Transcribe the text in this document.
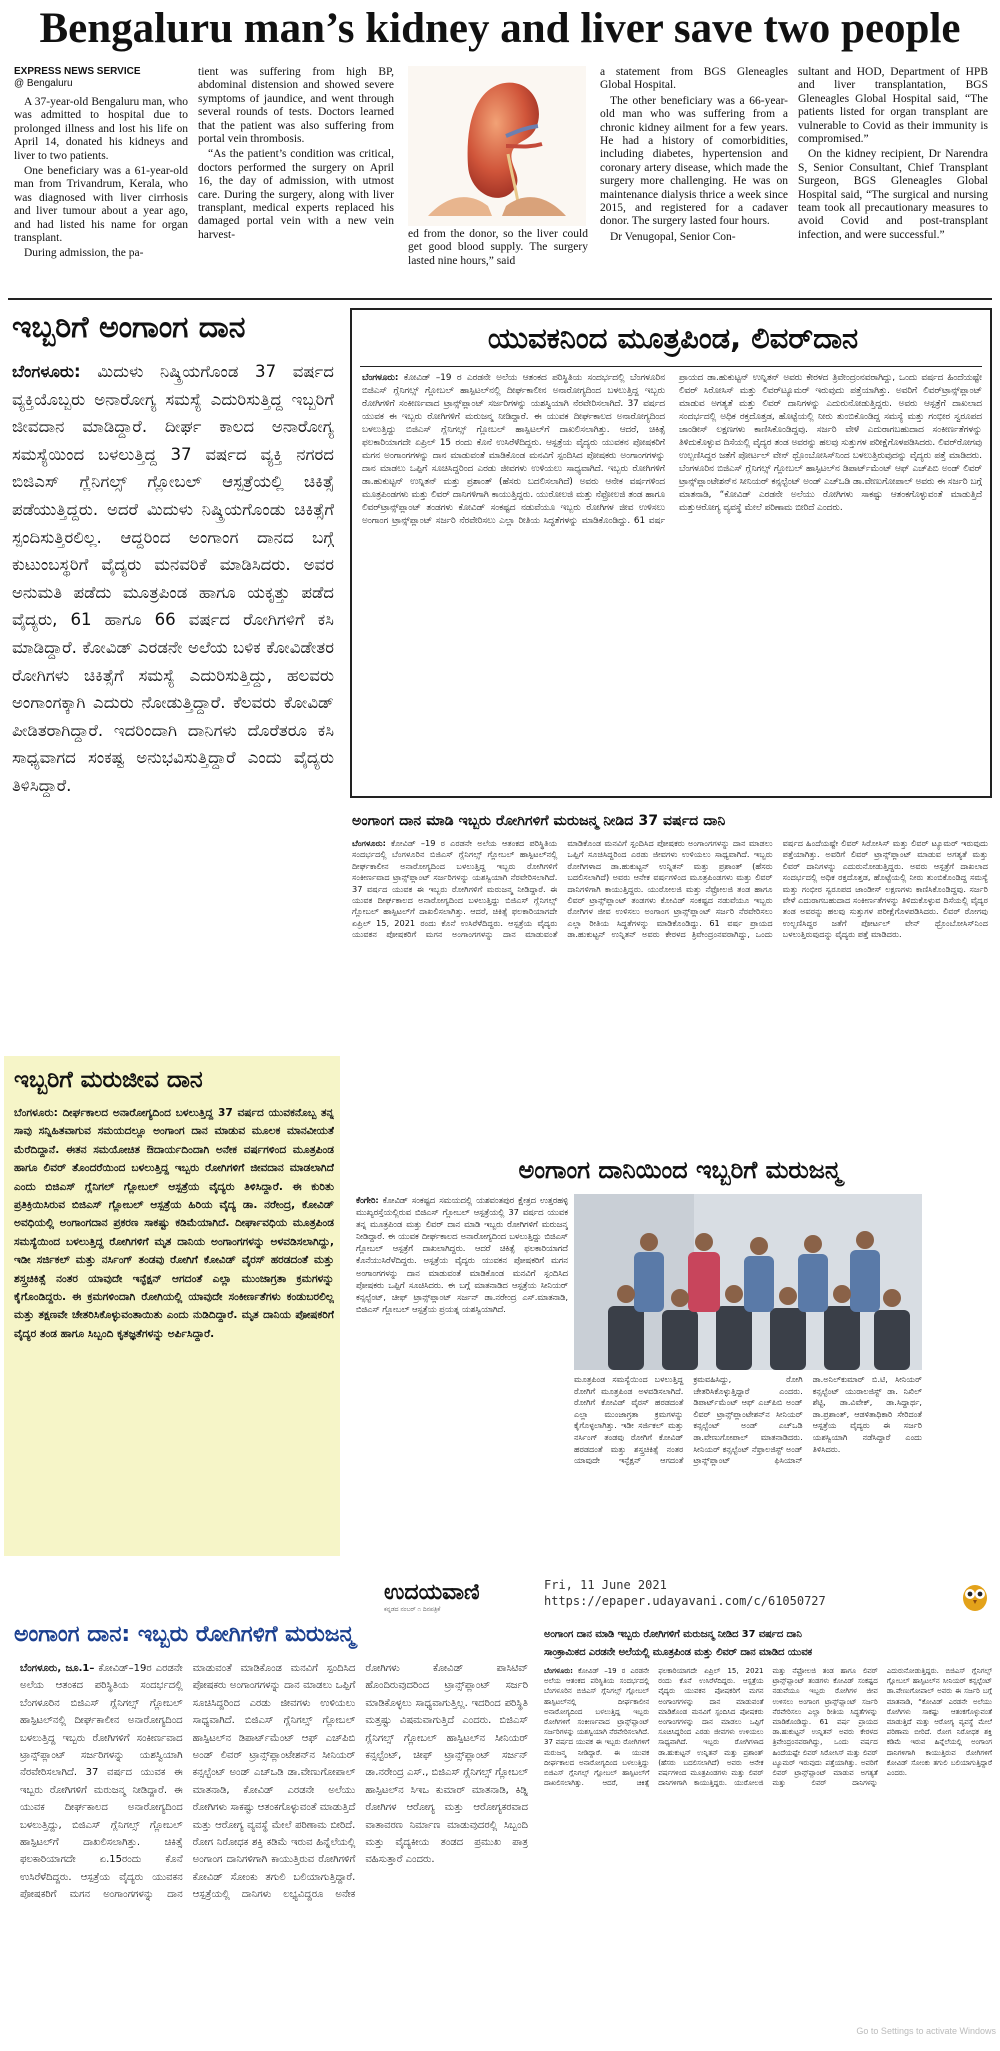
Bengaluru man’s kidney and liver save two people
EXPRESS NEWS SERVICE
@ Bengaluru

A 37-year-old Bengaluru man, who was admitted to hospital due to prolonged illness and lost his life on April 14, donated his kidneys and liver to two patients.

One beneficiary was a 61-year-old man from Trivandrum, Kerala, who was diagnosed with liver cirrhosis and liver tumour about a year ago, and had listed his name for organ transplant.

During admission, the pa-

tient was suffering from high BP, abdominal distension and showed severe symptoms of jaundice, and went through several rounds of tests. Doctors learned that the patient was also suffering from portal vein thrombosis.

“As the patient’s condition was critical, doctors performed the surgery on April 16, the day of admission, with utmost care. During the surgery, along with liver transplant, medical experts replaced his damaged portal vein with a new vein harvest-	ed from the donor, so the liver could get good blood supply. The surgery lasted nine hours,” said

a statement from BGS Gleneagles Global Hospital.

The other beneficiary was a 66-year-old man who was suffering from a chronic kidney ailment for a few years. He had a history of comorbidities, including diabetes, hypertension and coronary artery disease, which made the surgery more challenging. He was on maintenance dialysis thrice a week since 2015, and registered for a cadaver donor. The surgery lasted four hours.

Dr Venugopal, Senior Con-

sultant and HOD, Department of HPB and liver transplantation, BGS Gleneagles Global Hospital said, “The patients listed for organ transplant are vulnerable to Covid as their immunity is compromised.”

On the kidney recipient, Dr Narendra S, Senior Consultant, Chief Transplant Surgeon, BGS Gleneagles Global Hospital said, “The surgical and nursing team took all precautionary measures to avoid Covid and post-transplant infection, and were successful.”

ಇಬ್ಬರಿಗೆ ಅಂಗಾಂಗ ದಾನ
ಬೆಂಗಳೂರು: ಮಿದುಳು ನಿಷ್ಕ್ರಿಯಗೊಂಡ 37 ವರ್ಷದ ವ್ಯಕ್ತಿಯೊಬ್ಬರು ಅನಾರೋಗ್ಯ ಸಮಸ್ಯೆ ಎದುರಿಸುತ್ತಿದ್ದ ಇಬ್ಬರಿಗೆ ಜೀವದಾನ ಮಾಡಿದ್ದಾರೆ. ದೀರ್ಘ ಕಾಲದ ಅನಾರೋಗ್ಯ ಸಮಸ್ಯೆಯಿಂದ ಬಳಲುತ್ತಿದ್ದ 37 ವರ್ಷದ ವ್ಯಕ್ತಿ ನಗರದ ಬಿಜಿಎಸ್ ಗ್ಲೆನಿಗಲ್ಸ್ ಗ್ಲೋಬಲ್ ಆಸ್ಪತ್ರೆಯಲ್ಲಿ ಚಿಕಿತ್ಸೆ ಪಡೆಯುತ್ತಿದ್ದರು. ಅದರೆ ಮಿದುಳು ನಿಷ್ಕ್ರಿಯಗೊಂಡು ಚಿಕಿತ್ಸೆಗೆ ಸ್ಪಂದಿಸುತ್ತಿರಲಿಲ್ಲ. ಆದ್ದರಿಂದ ಅಂಗಾಂಗ ದಾನದ ಬಗ್ಗೆ ಕುಟುಂಬಸ್ಥರಿಗೆ ವೈದ್ಯರು ಮನವರಿಕೆ ಮಾಡಿಸಿದರು. ಅವರ ಅನುಮತಿ ಪಡೆದು ಮೂತ್ರಪಿಂಡ ಹಾಗೂ ಯಕೃತ್ತು ಪಡೆದ ವೈದ್ಯರು, 61 ಹಾಗೂ 66 ವರ್ಷದ ರೋಗಿಗಳಿಗೆ ಕಸಿ ಮಾಡಿದ್ದಾರೆ. ಕೋವಿಡ್ ಎರಡನೇ ಅಲೆಯ ಬಳಿಕ ಕೋವಿಡೇತರ ರೋಗಿಗಳು ಚಿಕಿತ್ಸೆಗೆ ಸಮಸ್ಯೆ ಎದುರಿಸುತ್ತಿದ್ದು, ಹಲವರು ಅಂಗಾಂಗಕ್ಕಾಗಿ ಎದುರು ನೋಡುತ್ತಿದ್ದಾರೆ. ಕೆಲವರು ಕೋವಿಡ್ ಪೀಡಿತರಾಗಿದ್ದಾರೆ. ಇದರಿಂದಾಗಿ ದಾನಿಗಳು ದೊರೆತರೂ ಕಸಿ ಸಾಧ್ಯವಾಗದ ಸಂಕಷ್ಟ ಅನುಭವಿಸುತ್ತಿದ್ದಾರೆ ಎಂದು ವೈದ್ಯರು ತಿಳಿಸಿದ್ದಾರೆ.
ಯುವಕನಿಂದ ಮೂತ್ರಪಿಂಡ, ಲಿವರ್‌ದಾನ
ಬೆಂಗಳೂರು: ಕೋವಿಡ್ –19 ರ ಎರಡನೇ ಅಲೆಯ ಆತಂಕದ ಪರಿಸ್ಥಿತಿಯ ಸಂದರ್ಭದಲ್ಲಿ ಬೆಂಗಳೂರಿನ ಬಿಜಿಎಸ್ ಗ್ಲೆನಿಗಲ್ಸ್ ಗ್ಲೋಬಲ್ ಹಾಸ್ಪಿಟಲ್‌ನಲ್ಲಿ ದೀರ್ಘಕಾಲೀನ ಅನಾರೋಗ್ಯದಿಂದ ಬಳಲುತ್ತಿದ್ದ ಇಬ್ಬರು ರೋಗಿಗಳಿಗೆ ಸಂಕೀರ್ಣವಾದ ಟ್ರಾನ್ಸ್‌ಪ್ಲಾಂಟ್ ಸರ್ಜರಿಗಳನ್ನು ಯಶಸ್ವಿಯಾಗಿ ನೆರವೇರಿಸಲಾಗಿದೆ. 37 ವರ್ಷದ ಯುವಕ ಈ ಇಬ್ಬರು ರೋಗಿಗಳಿಗೆ ಮರುಜನ್ಮ ನೀಡಿದ್ದಾರೆ. ಈ ಯುವಕ ದೀರ್ಘಕಾಲದ ಅನಾರೋಗ್ಯದಿಂದ ಬಳಲುತ್ತಿದ್ದು ಬಿಜಿಎಸ್ ಗ್ಲೆನಿಗಲ್ಸ್ ಗ್ಲೋಬಲ್ ಹಾಸ್ಪಿಟಲ್‌ಗೆ ದಾಖಲಿಸಲಾಗಿತ್ತು. ಆದರೆ, ಚಿಕಿತ್ಸೆ ಫಲಕಾರಿಯಾಗದೇ ಏಪ್ರಿಲ್ 15 ರಂದು ಕೊನೆ ಉಸಿರೆಳೆದಿದ್ದರು. ಆಸ್ಪತ್ರೆಯ ವೈದ್ಯರು ಯುವಕನ ಪೋಷಕರಿಗೆ ಮಗನ ಅಂಗಾಂಗಗಳನ್ನು ದಾನ ಮಾಡುವಂತೆ ಮಾಡಿಕೊಂಡ ಮನವಿಗೆ ಸ್ಪಂದಿಸಿದ ಪೋಷಕರು ಅಂಗಾಂಗಗಳನ್ನು ದಾನ ಮಾಡಲು ಒಪ್ಪಿಗೆ ಸೂಚಿಸಿದ್ದರಿಂದ ಎರಡು ಜೀವಗಳು ಉಳಿಯಲು ಸಾಧ್ಯವಾಗಿದೆ. ಇಬ್ಬರು ರೋಗಿಗಳಿಗೆ ಡಾ.ಹುಕುಟ್ಟನ್ ಉನ್ನಿತನ್ ಮತ್ತು ಪ್ರಶಾಂತ್ (ಹೆಸರು ಬದಲಿಸಲಾಗಿದೆ) ಅವರು ಆನೇಕ ವರ್ಷಗಳಿಂದ ಮೂತ್ರಪಿಂಡಗಳು ಮತ್ತು ಲಿವರ್ ದಾನಿಗಳಿಗಾಗಿ ಕಾಯುತ್ತಿದ್ದರು. ಯುರೋಲಜಿ ಮತ್ತು ನೆಫ್ರೋಲಜಿ ತಂಡ ಹಾಗೂ ಲಿವರ್‌ಟ್ರಾನ್ಸ್‌ಪ್ಲಾಂಟ್ ತಂಡಗಳು ಕೋವಿಡ್ ಸಂಕಷ್ಟದ ನಡುವೆಯೂ ಇಬ್ಬರು ರೋಗಿಗಳ ಜೀವ ಉಳಿಸಲು ಅಂಗಾಂಗ ಟ್ರಾನ್ಸ್‌ಪ್ಲಾಂಟ್ ಸರ್ಜರಿ ನೆರವೇರಿಸಲು ಎಲ್ಲಾ ರೀತಿಯ ಸಿದ್ಧತೆಗಳನ್ನು ಮಾಡಿಕೊಂಡಿದ್ದು. 61 ವರ್ಷ ಪ್ರಾಯದ ಡಾ.ಹುಕುಟ್ಟನ್ ಉನ್ನಿತನ್ ಅವರು ಕೇರಳದ ತ್ರಿವೇಂದ್ರಂನವರಾಗಿದ್ದು, ಒಂದು ವರ್ಷದ ಹಿಂದೆಯಷ್ಟೇ ಲಿವರ್ ಸಿರೋಸಿಸ್ ಮತ್ತು ಲಿವರ್‌ಟ್ಯೂಮರ್ ಇರುವುದು ಪತ್ತೆಯಾಗಿತ್ತು. ಅವರಿಗೆ ಲಿವರ್‌ಟ್ರಾನ್ಸ್‌ಪ್ಲಾಂಟ್ ಮಾಡುವ ಅಗತ್ಯತೆ ಮತ್ತು ಲಿವರ್ ದಾನಿಗಳನ್ನು ಎದುರುನೋಡುತ್ತಿದ್ದರು. ಅವರು ಆಸ್ಪತ್ರೆಗೆ ದಾಖಲಾದ ಸಂದರ್ಭದಲ್ಲಿ ಅಧಿಕ ರಕ್ತದೊತ್ತಡ, ಹೊಟ್ಟೆಯಲ್ಲಿ ನೀರು ತುಂಬಿಕೊಂಡಿದ್ದ ಸಮಸ್ಯೆ ಮತ್ತು ಗಂಭೀರ ಸ್ವರೂಪದ ಜಾಂಡೀಸ್ ಲಕ್ಷಣಗಳು ಕಾಣಿಸಿಕೊಂಡಿದ್ದವು. ಸರ್ಜರಿ ವೇಳೆ ಎದುರಾಗಬಹುದಾದ ಸಂಕೀರ್ಣತೆಗಳನ್ನು ತಿಳಿದುಕೊಳ್ಳುವ ದಿಸೆಯಲ್ಲಿ ವೈದ್ಯರ ತಂಡ ಅವರನ್ನು ಹಲವು ಸುತ್ತುಗಳ ಪರೀಕ್ಷೆಗೊಳಪಡಿಸಿದರು. ಲಿವರ್‌ರೋಗವು ಉಲ್ಬಣಿಸಿದ್ದರ ಜತೆಗೆ ಪೋರ್ಟಲ್ ವೇನ್ ಥ್ರೊಂಬೋಸಿಸ್‌ನಿಂದ ಬಳಲುತ್ತಿರುವುದನ್ನು ವೈದ್ಯರು ಪತ್ತೆ ಮಾಡಿದರು. ಬೆಂಗಳೂರಿನ ಬಿಜಿಎಸ್ ಗ್ಲೆನಿಗಲ್ಸ್ ಗ್ಲೋಬಲ್ ಹಾಸ್ಪಿಟಲ್‌ನ ಡಿಪಾರ್ಟ್‌ಮೆಂಟ್ ಆಫ್ ಎಚ್‌ಪಿಬಿ ಅಂಡ್ ಲಿವರ್ ಟ್ರಾನ್ಸ್‌ಪ್ಲಾಂಟೇಶನ್‌ನ ಸೀನಿಯರ್ ಕನ್ಸಲ್ಟೆಂಟ್ ಅಂಡ್ ಎಚ್‌ಒಡಿ ಡಾ.ವೇಣುಗೋಪಾಲ್ ಅವರು ಈ ಸರ್ಜರಿ ಬಗ್ಗೆ ಮಾತನಾಡಿ, “ಕೋವಿಡ್ ಎರಡನೇ ಅಲೆಯು ರೋಗಿಗಳು ಸಾಕಷ್ಟು ಆತಂಕಗೊಳ್ಳುವಂತೆ ಮಾಡುತ್ತಿದೆ ಮತ್ತುಆರೋಗ್ಯ ವ್ಯವಸ್ಥೆ ಮೇಲೆ ಪರಿಣಾಮ ಬೀರಿದೆ ಎಂದರು.
ಅಂಗಾಂಗ ದಾನ ಮಾಡಿ ಇಬ್ಬರು ರೋಗಿಗಳಿಗೆ ಮರುಜನ್ಮ ನೀಡಿದ 37 ವರ್ಷದ ದಾನಿ
ಬೆಂಗಳೂರು: ಕೋವಿಡ್ –19 ರ ಎರಡನೇ ಅಲೆಯ ಆತಂಕದ ಪರಿಸ್ಥಿತಿಯ ಸಂದರ್ಭದಲ್ಲಿ ಬೆಂಗಳೂರಿನ ಬಿಜಿಎಸ್ ಗ್ಲೆನಿಗಲ್ಸ್ ಗ್ಲೋಬಲ್ ಹಾಸ್ಪಿಟಲ್‌ನಲ್ಲಿ ದೀರ್ಘಕಾಲೀನ ಅನಾರೋಗ್ಯದಿಂದ ಬಳಲುತ್ತಿದ್ದ ಇಬ್ಬರು ರೋಗಿಗಳಿಗೆ ಸಂಕೀರ್ಣವಾದ ಟ್ರಾನ್ಸ್‌ಪ್ಲಾಂಟ್ ಸರ್ಜರಿಗಳನ್ನು ಯಶಸ್ವಿಯಾಗಿ ನೆರವೇರಿಸಲಾಗಿದೆ. 37 ವರ್ಷದ ಯುವಕ ಈ ಇಬ್ಬರು ರೋಗಿಗಳಿಗೆ ಮರುಜನ್ಮ ನೀಡಿದ್ದಾರೆ. ಈ ಯುವಕ ದೀರ್ಘಕಾಲದ ಅನಾರೋಗ್ಯದಿಂದ ಬಳಲುತ್ತಿದ್ದು ಬಿಜಿಎಸ್ ಗ್ಲೆನಿಗಲ್ಸ್ ಗ್ಲೋಬಲ್ ಹಾಸ್ಪಿಟಲ್‌ಗೆ ದಾಖಲಿಸಲಾಗಿತ್ತು. ಆದರೆ, ಚಿಕಿತ್ಸೆ ಫಲಕಾರಿಯಾಗದೇ ಏಪ್ರಿಲ್ 15, 2021 ರಂದು ಕೊನೆ ಉಸಿರೆಳೆದಿದ್ದರು. ಆಸ್ಪತ್ರೆಯ ವೈದ್ಯರು ಯುವಕನ ಪೋಷಕರಿಗೆ ಮಗನ ಅಂಗಾಂಗಗಳನ್ನು ದಾನ ಮಾಡುವಂತೆ ಮಾಡಿಕೊಂಡ ಮನವಿಗೆ ಸ್ಪಂದಿಸಿದ ಪೋಷಕರು ಅಂಗಾಂಗಗಳನ್ನು ದಾನ ಮಾಡಲು ಒಪ್ಪಿಗೆ ಸೂಚಿಸಿದ್ದರಿಂದ ಎರಡು ಜೀವಗಳು ಉಳಿಯಲು ಸಾಧ್ಯವಾಗಿದೆ. ಇಬ್ಬರು ರೋಗಿಗಳಾದ ಡಾ.ಹುಕುಟ್ಟನ್ ಉನ್ನಿತನ್ ಮತ್ತು ಪ್ರಶಾಂತ್ (ಹೆಸರು ಬದಲಿಸಲಾಗಿದೆ) ಅವರು ಆನೇಕ ವರ್ಷಗಳಿಂದ ಮೂತ್ರಪಿಂಡಗಳು ಮತ್ತು ಲಿವರ್ ದಾನಿಗಳಿಗಾಗಿ ಕಾಯುತ್ತಿದ್ದರು. ಯುರೋಲಜಿ ಮತ್ತು ನೆಫ್ರೋಲಜಿ ತಂಡ ಹಾಗೂ ಲಿವರ್ ಟ್ರಾನ್ಸ್‌ಪ್ಲಾಂಟ್ ತಂಡಗಳು ಕೋವಿಡ್ ಸಂಕಷ್ಟದ ನಡುವೆಯೂ ಇಬ್ಬರು ರೋಗಿಗಳ ಜೀವ ಉಳಿಸಲು ಅಂಗಾಂಗ ಟ್ರಾನ್ಸ್‌ಪ್ಲಾಂಟ್ ಸರ್ಜರಿ ನೆರವೇರಿಸಲು ಎಲ್ಲಾ ರೀತಿಯ ಸಿದ್ಧತೆಗಳನ್ನು ಮಾಡಿಕೊಂಡಿದ್ದು. 61 ವರ್ಷ ಪ್ರಾಯದ ಡಾ.ಹುಕುಟ್ಟನ್ ಉನ್ನಿತನ್ ಅವರು ಕೇರಳದ ತ್ರಿವೇಂದ್ರಂನವರಾಗಿದ್ದು, ಒಂದು ವರ್ಷದ ಹಿಂದೆಯಷ್ಟೇ ಲಿವರ್ ಸಿರೋಸಿಸ್ ಮತ್ತು ಲಿವರ್ ಟ್ಯೂಮರ್ ಇರುವುದು ಪತ್ತೆಯಾಗಿತ್ತು. ಅವರಿಗೆ ಲಿವರ್ ಟ್ರಾನ್ಸ್‌ಪ್ಲಾಂಟ್ ಮಾಡುವ ಅಗತ್ಯತೆ ಮತ್ತು ಲಿವರ್ ದಾನಿಗಳನ್ನು ಎದುರುನೋಡುತ್ತಿದ್ದರು. ಅವರು ಆಸ್ಪತ್ರೆಗೆ ದಾಖಲಾದ ಸಂದರ್ಭದಲ್ಲಿ ಅಧಿಕ ರಕ್ತದೊತ್ತಡ, ಹೊಟ್ಟೆಯಲ್ಲಿ ನೀರು ತುಂಬಿಕೊಂಡಿದ್ದ ಸಮಸ್ಯೆ ಮತ್ತು ಗಂಭೀರ ಸ್ವರೂಪದ ಜಾಂಡೀಸ್ ಲಕ್ಷಣಗಳು ಕಾಣಿಸಿಕೊಂಡಿದ್ದವು. ಸರ್ಜರಿ ವೇಳೆ ಎದುರಾಗಬಹುದಾದ ಸಂಕೀರ್ಣತೆಗಳನ್ನು ತಿಳಿದುಕೊಳ್ಳುವ ದಿಸೆಯಲ್ಲಿ ವೈದ್ಯರ ತಂಡ ಅವರನ್ನು ಹಲವು ಸುತ್ತುಗಳ ಪರೀಕ್ಷೆಗೊಳಪಡಿಸಿದರು. ಲಿವರ್ ರೋಗವು ಉಲ್ಬಣಿಸಿದ್ದರ ಜತೆಗೆ ಪೋರ್ಟಲ್ ವೇನ್ ಥ್ರೊಂಬೋಸಿಸ್‌ನಿಂದ ಬಳಲುತ್ತಿರುವುದನ್ನು ವೈದ್ಯರು ಪತ್ತೆ ಮಾಡಿದರು.
ಇಬ್ಬರಿಗೆ ಮರುಜೀವ ದಾನ
ಬೆಂಗಳೂರು: ದೀರ್ಘಕಾಲದ ಅನಾರೋಗ್ಯದಿಂದ ಬಳಲುತ್ತಿದ್ದ 37 ವರ್ಷದ ಯುವಕನೊಬ್ಬ ತನ್ನ ಸಾವು ಸನ್ನಿಹಿತವಾಗುವ ಸಮಯದಲ್ಲೂ ಅಂಗಾಂಗ ದಾನ ಮಾಡುವ ಮೂಲಕ ಮಾನವೀಯತೆ ಮೆರೆದಿದ್ದಾನೆ. ಈತನ ಸಮಯೋಚಿತ ಔದಾರ್ಯದಿಂದಾಗಿ ಅನೇಕ ವರ್ಷಗಳಿಂದ ಮೂತ್ರಪಿಂಡ ಹಾಗೂ ಲಿವರ್ ತೊಂದರೆಯಿಂದ ಬಳಲುತ್ತಿದ್ದ ಇಬ್ಬರು ರೋಗಿಗಳಿಗೆ ಜೀವದಾನ ಮಾಡಲಾಗಿದೆ ಎಂದು ಬಿಜಿಎಸ್ ಗ್ಲೆನಿಗಲ್ ಗ್ಲೋಬಲ್ ಆಸ್ಪತ್ರೆಯ ವೈದ್ಯರು ತಿಳಿಸಿದ್ದಾರೆ. ಈ ಕುರಿತು ಪ್ರತಿಕ್ರಿಯಿಸಿರುವ ಬಿಜಿಎಸ್ ಗ್ಲೋಬಲ್ ಆಸ್ಪತ್ರೆಯ ಹಿರಿಯ ವೈದ್ಯ ಡಾ. ನರೇಂದ್ರ, ಕೋವಿಡ್ ಅವಧಿಯಲ್ಲಿ ಅಂಗಾಂಗದಾನ ಪ್ರಕರಣ ಸಾಕಷ್ಟು ಕಡಿಮೆಯಾಗಿದೆ. ದೀರ್ಘಾವಧಿಯ ಮೂತ್ರಪಿಂಡ ಸಮಸ್ಯೆಯಿಂದ ಬಳಲುತ್ತಿದ್ದ ರೋಗಿಗಳಿಗೆ ಮೃತ ದಾನಿಯ ಅಂಗಾಂಗಗಳನ್ನು ಅಳವಡಿಸಲಾಗಿದ್ದು, ಇಡೀ ಸರ್ಜಿಕಲ್ ಮತ್ತು ನರ್ಸಿಂಗ್ ತಂಡವು ರೋಗಿಗೆ ಕೋವಿಡ್ ವೈರಸ್ ಹರಡದಂತೆ ಮತ್ತು ಶಸ್ತ್ರಚಿಕಿತ್ಸೆ ನಂತರ ಯಾವುದೇ ಇನ್ಫೆಕ್ಷನ್ ಆಗದಂತೆ ಎಲ್ಲಾ ಮುಂಜಾಗ್ರತಾ ಕ್ರಮಗಳನ್ನು ಕೈಗೊಂಡಿದ್ದರು. ಈ ಕ್ರಮಗಳಿಂದಾಗಿ ರೋಗಿಯಲ್ಲಿ ಯಾವುದೇ ಸಂಕೀರ್ಣತೆಗಳು ಕಂಡುಬರಲಿಲ್ಲ ಮತ್ತು ತಕ್ಷಣವೇ ಚೇತರಿಸಿಕೊಳ್ಳುವಂತಾಯಿತು ಎಂದು ನುಡಿದಿದ್ದಾರೆ. ಮೃತ ದಾನಿಯ ಪೋಷಕರಿಗೆ ವೈದ್ಯರ ತಂಡ ಹಾಗೂ ಸಿಬ್ಬಂದಿ ಕೃತಜ್ಞತೆಗಳನ್ನು ಅರ್ಪಿಸಿದ್ದಾರೆ.
ಅಂಗಾಂಗ ದಾನಿಯಿಂದ ಇಬ್ಬರಿಗೆ ಮರುಜನ್ಮ
ಕೆಂಗೇರಿ: ಕೋವಿಡ್ ಸಂಕಷ್ಟದ ಸಮಯದಲ್ಲಿ ಯಶವಂತಪುರ ಕ್ಷೇತ್ರದ ಉತ್ತರಹಳ್ಳಿ ಮುಖ್ಯರಸ್ತೆಯಲ್ಲಿರುವ ಬಿಜಿಎಸ್ ಗ್ಲೋಬಲ್ ಆಸ್ಪತ್ರೆಯಲ್ಲಿ 37 ವರ್ಷದ ಯುವಕ ತನ್ನ ಮೂತ್ರಪಿಂಡ ಮತ್ತು ಲಿವರ್ ದಾನ ಮಾಡಿ ಇಬ್ಬರು ರೋಗಿಗಳಿಗೆ ಮರುಜನ್ಮ ನೀಡಿದ್ದಾರೆ. ಈ ಯುವಕ ದೀರ್ಘಕಾಲದ ಅನಾರೋಗ್ಯದಿಂದ ಬಳಲುತ್ತಿದ್ದು ಬಿಜಿಎಸ್ ಗ್ಲೋಬಲ್ ಆಸ್ಪತ್ರೆಗೆ ದಾಖಲಾಗಿದ್ದರು. ಆದರೆ ಚಿಕಿತ್ಸೆ ಫಲಕಾರಿಯಾಗದೆ ಕೊನೆಯುಸಿರೆಳೆದಿದ್ದರು. ಆಸ್ಪತ್ರೆಯ ವೈದ್ಯರು ಯುವಕನ ಪೋಷಕರಿಗೆ ಮಗನ ಅಂಗಾಂಗಗಳನ್ನು ದಾನ ಮಾಡುವಂತೆ ಮಾಡಿಕೊಂಡ ಮನವಿಗೆ ಸ್ಪಂದಿಸಿದ ಪೋಷಕರು ಒಪ್ಪಿಗೆ ಸೂಚಿಸಿದರು. ಈ ಬಗ್ಗೆ ಮಾತನಾಡಿದ ಆಸ್ಪತ್ರೆಯ ಸೀನಿಯರ್ ಕನ್ಸಲ್ಟೆಂಟ್, ಚೀಫ್ ಟ್ರಾನ್ಸ್‌ಪ್ಲಾಂಟ್ ಸರ್ಜನ್ ಡಾ.ನರೇಂದ್ರ ಎಸ್.ಮಾತನಾಡಿ, ಬಿಜಿಎಸ್ ಗ್ಲೋಬಲ್ ಆಸ್ಪತ್ರೆಯ ಪ್ರಯತ್ನ ಯಶಸ್ವಿಯಾಗಿದೆ.
ಮೂತ್ರಪಿಂಡ ಸಮಸ್ಯೆಯಿಂದ ಬಳಲುತ್ತಿದ್ದ ರೋಗಿಗೆ ಮೂತ್ರಪಿಂಡ ಅಳವಡಿಸಲಾಗಿದೆ. ರೋಗಿಗೆ ಕೋವಿಡ್ ವೈರಸ್ ಹರಡದಂತೆ ಎಲ್ಲಾ ಮುಂಜಾಗ್ರತಾ ಕ್ರಮಗಳನ್ನು ಕೈಗೊಳ್ಳಲಾಗಿತ್ತು. ಇಡೀ ಸರ್ಜಿಕಲ್ ಮತ್ತು ನರ್ಸಿಂಗ್ ತಂಡವು ರೋಗಿಗೆ ಕೋವಿಡ್ ಹರಡದಂತೆ ಮತ್ತು ಶಸ್ತ್ರಚಿಕಿತ್ಸೆ ನಂತರ ಯಾವುದೇ ಇನ್ಫೆಕ್ಷನ್ ಆಗದಂತೆ ಕ್ರಮವಹಿಸಿದ್ದು, ರೋಗಿ ಚೇತರಿಸಿಕೊಳ್ಳುತ್ತಿದ್ದಾರೆ ಎಂದರು. ಡಿಪಾರ್ಟ್‌ಮೆಂಟ್ ಆಫ್ ಎಚ್‌ಪಿಬಿ ಅಂಡ್ ಲಿವರ್ ಟ್ರಾನ್ಸ್‌ಪ್ಲಾಂಟೇಶನ್‌ನ ಸೀನಿಯರ್ ಕನ್ಸಲ್ಟೆಂಟ್ ಅಂಡ್ ಎಚ್‌ಒಡಿ ಡಾ.ವೇಣುಗೋಪಾಲ್ ಮಾತನಾಡಿದರು. ಸೀನಿಯರ್ ಕನ್ಸಲ್ಟೆಂಟ್ ನೆಫ್ರಾಲಜಿಸ್ಟ್ ಅಂಡ್ ಟ್ರಾನ್ಸ್‌ಪ್ಲಾಂಟ್ ಫಿಸಿಯಾನ್ ಡಾ.ಅನಿಲ್‌ಕುಮಾರ್ ಬಿ.ಟಿ, ಸೀನಿಯರ್ ಕನ್ಸಲ್ಟೆಂಟ್ ಯುರಾಲಜಿಸ್ಟ್ ಡಾ. ನಿಖಿಲ್ ಶೆಟ್ಟಿ, ಡಾ.ವಿವೇಕ್, ಡಾ.ಸಿದ್ದಾರ್ಥ, ಡಾ.ಪ್ರಶಾಂತ್, ಆಡಳಿತಾಧಿಕಾರಿ ಸೇರಿದಂತೆ ಆಸ್ಪತ್ರೆಯ ವೈದ್ಯರು ಈ ಸರ್ಜರಿ ಯಶಸ್ವಿಯಾಗಿ ನಡೆಸಿದ್ದಾರೆ ಎಂದು ತಿಳಿಸಿದರು.
ಉದಯವಾಣಿ
ಕನ್ನಡದ ನಂಬರ್ ೧ ದಿನಪತ್ರಿಕೆ
Fri, 11 June 2021
https://epaper.udayavani.com/c/61050727
ಅಂಗಾಂಗ ದಾನ: ಇಬ್ಬರು ರೋಗಿಗಳಿಗೆ ಮರುಜನ್ಮ
ಬೆಂಗಳೂರು, ಜೂ.1– ಕೋವಿಡ್–19ರ ಎರಡನೇ ಅಲೆಯ ಆತಂಕದ ಪರಿಸ್ಥಿತಿಯ ಸಂದರ್ಭದಲ್ಲಿ ಬೆಂಗಳೂರಿನ ಬಿಜಿಎಸ್ ಗ್ಲೆನಿಗಲ್ಸ್ ಗ್ಲೋಬಲ್ ಹಾಸ್ಪಿಟಲ್‌ನಲ್ಲಿ ದೀರ್ಘಕಾಲೀನ ಅನಾರೋಗ್ಯದಿಂದ ಬಳಲುತ್ತಿದ್ದ ಇಬ್ಬರು ರೋಗಿಗಳಿಗೆ ಸಂಕೀರ್ಣವಾದ ಟ್ರಾನ್ಸ್‌ಪ್ಲಾಂಟ್ ಸರ್ಜರಿಗಳನ್ನು ಯಶಸ್ವಿಯಾಗಿ ನೆರವೇರಿಸಲಾಗಿದೆ. 37 ವರ್ಷದ ಯುವಕ ಈ ಇಬ್ಬರು ರೋಗಿಗಳಿಗೆ ಮರುಜನ್ಮ ನೀಡಿದ್ದಾರೆ. ಈ ಯುವಕ ದೀರ್ಘಕಾಲದ ಅನಾರೋಗ್ಯದಿಂದ ಬಳಲುತ್ತಿದ್ದು, ಬಿಜಿಎಸ್ ಗ್ಲೆನಿಗಲ್ಸ್ ಗ್ಲೋಬಲ್ ಹಾಸ್ಪಿಟಲ್‌ಗೆ ದಾಖಲಿಸಲಾಗಿತ್ತು. ಚಿಕಿತ್ಸೆ ಫಲಕಾರಿಯಾಗದೇ ಏ.15ರಂದು ಕೊನೆ ಉಸಿರೆಳೆದಿದ್ದರು. ಆಸ್ಪತ್ರೆಯ ವೈದ್ಯರು ಯುವಕನ ಪೋಷಕರಿಗೆ ಮಗನ ಅಂಗಾಂಗಗಳನ್ನು ದಾನ ಮಾಡುವಂತೆ ಮಾಡಿಕೊಂಡ ಮನವಿಗೆ ಸ್ಪಂದಿಸಿದ ಪೋಷಕರು ಅಂಗಾಂಗಗಳನ್ನು ದಾನ ಮಾಡಲು ಒಪ್ಪಿಗೆ ಸೂಚಿಸಿದ್ದರಿಂದ ಎರಡು ಜೀವಗಳು ಉಳಿಯಲು ಸಾಧ್ಯವಾಗಿದೆ. ಬಿಜಿಎಸ್ ಗ್ಲೆನಿಗಲ್ಸ್ ಗ್ಲೋಬಲ್ ಹಾಸ್ಪಿಟಲ್‌ನ ಡಿಪಾರ್ಟ್‌ಮೆಂಟ್ ಆಫ್ ಎಚ್‌ಪಿಬಿ ಅಂಡ್ ಲಿವರ್ ಟ್ರಾನ್ಸ್‌ಪ್ಲಾಂಟೇಶನ್‌ನ ಸೀನಿಯರ್ ಕನ್ಸಲ್ಟೆಂಟ್ ಅಂಡ್ ಎಚ್‌ಒಡಿ ಡಾ.ವೇಣುಗೋಪಾಲ್ ಮಾತನಾಡಿ, ಕೋವಿಡ್ ಎರಡನೇ ಅಲೆಯು ರೋಗಿಗಳು ಸಾಕಷ್ಟು ಆತಂಕಗೊಳ್ಳುವಂತೆ ಮಾಡುತ್ತಿದೆ ಮತ್ತು ಆರೋಗ್ಯ ವ್ಯವಸ್ಥೆ ಮೇಲೆ ಪರಿಣಾಮ ಬೀರಿದೆ. ರೋಗ ನಿರೋಧಕ ಶಕ್ತಿ ಕಡಿಮೆ ಇರುವ ಹಿನ್ನೆಲೆಯಲ್ಲಿ ಅಂಗಾಂಗ ದಾನಿಗಳಿಗಾಗಿ ಕಾಯುತ್ತಿರುವ ರೋಗಿಗಳಿಗೆ ಕೋವಿಡ್ ಸೋಂಕು ತಗುಲಿ ಬಲಿಯಾಗುತ್ತಿದ್ದಾರೆ. ಆಸ್ಪತ್ರೆಯಲ್ಲಿ ದಾನಿಗಳು ಲಭ್ಯವಿದ್ದರೂ ಅನೇಕ ರೋಗಿಗಳು ಕೋವಿಡ್ ಪಾಸಿಟಿವ್ ಹೊಂದಿರುವುದರಿಂದ ಟ್ರಾನ್ಸ್‌ಪ್ಲಾಂಟ್ ಸರ್ಜರಿ ಮಾಡಿಕೊಳ್ಳಲು ಸಾಧ್ಯವಾಗುತ್ತಿಲ್ಲ. ಇದರಿಂದ ಪರಿಸ್ಥಿತಿ ಮತ್ತಷ್ಟು ವಿಷಮವಾಗುತ್ತಿದೆ ಎಂದರು. ಬಿಜಿಎಸ್ ಗ್ಲೆನಿಗಲ್ಸ್ ಗ್ಲೋಬಲ್ ಹಾಸ್ಪಿಟಲ್‌ನ ಸೀನಿಯರ್ ಕನ್ಸಲ್ಟೆಂಟ್, ಚೀಫ್ ಟ್ರಾನ್ಸ್‌ಪ್ಲಾಂಟ್ ಸರ್ಜನ್ ಡಾ.ನರೇಂದ್ರ ಎಸ್., ಬಿಜಿಎಸ್ ಗ್ಲೆನಿಗಲ್ಸ್ ಗ್ಲೋಬಲ್ ಹಾಸ್ಪಿಟಲ್‌ನ ಸಿಇಒ ಕುಮಾರ್ ಮಾತನಾಡಿ, ಕಿಡ್ನಿ ರೋಗಿಗಳ ಆರೋಗ್ಯ ಮತ್ತು ಆರೋಗ್ಯಕರವಾದ ವಾತಾವರಣ ನಿರ್ಮಾಣ ಮಾಡುವುದರಲ್ಲಿ ಸಿಬ್ಬಂದಿ ಮತ್ತು ವೈದ್ಯಕೀಯ ತಂಡದ ಪ್ರಮುಖ ಪಾತ್ರ ವಹಿಸುತ್ತಾರೆ ಎಂದರು.
ಅಂಗಾಂಗ ದಾನ ಮಾಡಿ ಇಬ್ಬರು ರೋಗಿಗಳಿಗೆ ಮರುಜನ್ಮ ನೀಡಿದ 37 ವರ್ಷದ ದಾನಿ
ಸಾಂಕ್ರಾಮಿಕದ ಎರಡನೇ ಅಲೆಯಲ್ಲಿ ಮೂತ್ರಪಿಂಡ ಮತ್ತು ಲಿವರ್ ದಾನ ಮಾಡಿದ ಯುವಕ
ಬೆಂಗಳೂರು: ಕೋವಿಡ್ –19 ರ ಎರಡನೇ ಅಲೆಯ ಆತಂಕದ ಪರಿಸ್ಥಿತಿಯ ಸಂದರ್ಭದಲ್ಲಿ ಬೆಂಗಳೂರಿನ ಬಿಜಿಎಸ್ ಗ್ಲೆನಿಗಲ್ಸ್ ಗ್ಲೋಬಲ್ ಹಾಸ್ಪಿಟಲ್‌ನಲ್ಲಿ ದೀರ್ಘಕಾಲೀನ ಅನಾರೋಗ್ಯದಿಂದ ಬಳಲುತ್ತಿದ್ದ ಇಬ್ಬರು ರೋಗಿಗಳಿಗೆ ಸಂಕೀರ್ಣವಾದ ಟ್ರಾನ್ಸ್‌ಪ್ಲಾಂಟ್ ಸರ್ಜರಿಗಳನ್ನು ಯಶಸ್ವಿಯಾಗಿ ನೆರವೇರಿಸಲಾಗಿದೆ. 37 ವರ್ಷದ ಯುವಕ ಈ ಇಬ್ಬರು ರೋಗಿಗಳಿಗೆ ಮರುಜನ್ಮ ನೀಡಿದ್ದಾರೆ. ಈ ಯುವಕ ದೀರ್ಘಕಾಲದ ಅನಾರೋಗ್ಯದಿಂದ ಬಳಲುತ್ತಿದ್ದು ಬಿಜಿಎಸ್ ಗ್ಲೆನಿಗಲ್ಸ್ ಗ್ಲೋಬಲ್ ಹಾಸ್ಪಿಟಲ್‌ಗೆ ದಾಖಲಿಸಲಾಗಿತ್ತು. ಆದರೆ, ಚಿಕಿತ್ಸೆ ಫಲಕಾರಿಯಾಗದೇ ಏಪ್ರಿಲ್ 15, 2021 ರಂದು ಕೊನೆ ಉಸಿರೆಳೆದಿದ್ದರು. ಆಸ್ಪತ್ರೆಯ ವೈದ್ಯರು ಯುವಕನ ಪೋಷಕರಿಗೆ ಮಗನ ಅಂಗಾಂಗಗಳನ್ನು ದಾನ ಮಾಡುವಂತೆ ಮಾಡಿಕೊಂಡ ಮನವಿಗೆ ಸ್ಪಂದಿಸಿದ ಪೋಷಕರು ಅಂಗಾಂಗಗಳನ್ನು ದಾನ ಮಾಡಲು ಒಪ್ಪಿಗೆ ಸೂಚಿಸಿದ್ದರಿಂದ ಎರಡು ಜೀವಗಳು ಉಳಿಯಲು ಸಾಧ್ಯವಾಗಿದೆ. ಇಬ್ಬರು ರೋಗಿಗಳಾದ ಡಾ.ಹುಕುಟ್ಟನ್ ಉನ್ನಿತನ್ ಮತ್ತು ಪ್ರಶಾಂತ್ (ಹೆಸರು ಬದಲಿಸಲಾಗಿದೆ) ಅವರು ಆನೇಕ ವರ್ಷಗಳಿಂದ ಮೂತ್ರಪಿಂಡಗಳು ಮತ್ತು ಲಿವರ್ ದಾನಿಗಳಿಗಾಗಿ ಕಾಯುತ್ತಿದ್ದರು. ಯುರೋಲಜಿ ಮತ್ತು ನೆಫ್ರೋಲಜಿ ತಂಡ ಹಾಗೂ ಲಿವರ್ ಟ್ರಾನ್ಸ್‌ಪ್ಲಾಂಟ್ ತಂಡಗಳು ಕೋವಿಡ್ ಸಂಕಷ್ಟದ ನಡುವೆಯೂ ಇಬ್ಬರು ರೋಗಿಗಳ ಜೀವ ಉಳಿಸಲು ಅಂಗಾಂಗ ಟ್ರಾನ್ಸ್‌ಪ್ಲಾಂಟ್ ಸರ್ಜರಿ ನೆರವೇರಿಸಲು ಎಲ್ಲಾ ರೀತಿಯ ಸಿದ್ಧತೆಗಳನ್ನು ಮಾಡಿಕೊಂಡಿದ್ದು. 61 ವರ್ಷ ಪ್ರಾಯದ ಡಾ.ಹುಕುಟ್ಟನ್ ಉನ್ನಿತನ್ ಅವರು ಕೇರಳದ ತ್ರಿವೇಂದ್ರಂನವರಾಗಿದ್ದು, ಒಂದು ವರ್ಷದ ಹಿಂದೆಯಷ್ಟೇ ಲಿವರ್ ಸಿರೋಸಿಸ್ ಮತ್ತು ಲಿವರ್ ಟ್ಯೂಮರ್ ಇರುವುದು ಪತ್ತೆಯಾಗಿತ್ತು. ಅವರಿಗೆ ಲಿವರ್ ಟ್ರಾನ್ಸ್‌ಪ್ಲಾಂಟ್ ಮಾಡುವ ಅಗತ್ಯತೆ ಮತ್ತು ಲಿವರ್ ದಾನಿಗಳನ್ನು ಎದುರುನೋಡುತ್ತಿದ್ದರು. ಬಿಜಿಎಸ್ ಗ್ಲೆನಿಗಲ್ಸ್ ಗ್ಲೋಬಲ್ ಹಾಸ್ಪಿಟಲ್‌ನ ಸೀನಿಯರ್ ಕನ್ಸಲ್ಟೆಂಟ್ ಡಾ.ವೇಣುಗೋಪಾಲ್ ಅವರು ಈ ಸರ್ಜರಿ ಬಗ್ಗೆ ಮಾತನಾಡಿ, “ಕೋವಿಡ್ ಎರಡನೇ ಅಲೆಯು ರೋಗಿಗಳು ಸಾಕಷ್ಟು ಆತಂಕಗೊಳ್ಳುವಂತೆ ಮಾಡುತ್ತಿದೆ ಮತ್ತು ಆರೋಗ್ಯ ವ್ಯವಸ್ಥೆ ಮೇಲೆ ಪರಿಣಾಮ ಬೀರಿದೆ. ರೋಗ ನಿರೋಧಕ ಶಕ್ತಿ ಕಡಿಮೆ ಇರುವ ಹಿನ್ನೆಲೆಯಲ್ಲಿ ಅಂಗಾಂಗ ದಾನಿಗಳಿಗಾಗಿ ಕಾಯುತ್ತಿರುವ ರೋಗಿಗಳಿಗೆ ಕೋವಿಡ್ ಸೋಂಕು ತಗುಲಿ ಬಲಿಯಾಗುತ್ತಿದ್ದಾರೆ ಎಂದರು.
Go to Settings to activate Windows
